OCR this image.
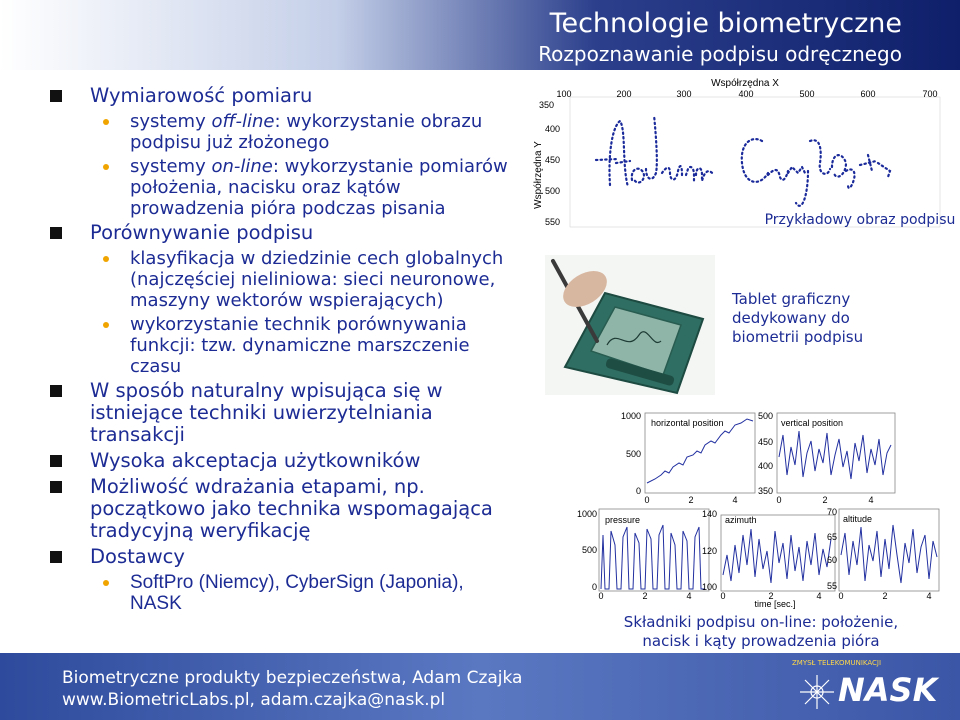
Technologie biometryczne
Rozpoznawanie podpisu odręcznego
Wymiarowość pomiaru
systemy off-line: wykorzystanie obrazu podpisu już złożonego
systemy on-line: wykorzystanie pomiarów położenia, nacisku oraz kątów prowadzenia pióra podczas pisania
Porównywanie podpisu
klasyfikacja w dziedzinie cech globalnych (najczęściej nieliniowa: sieci neuronowe, maszyny wektorów wspierających)
wykorzystanie technik porównywania funkcji: tzw. dynamiczne marszczenie czasu
W sposób naturalny wpisująca się w istniejące techniki uwierzytelniania transakcji
Wysoka akceptacja użytkowników
Możliwość wdrażania etapami, np. początkowo jako technika wspomagająca tradycyjną weryfikację
Dostawcy
SoftPro (Niemcy), CyberSign (Japonia), NASK
Współrzędna X
100	200	300	400	500	600	700
350
400
450
500
550
Współrzędna Y
Przykładowy obraz podpisu
Tablet graficzny
dedykowany do
biometrii podpisu
horizontal position
1000
500
0
0	2	4
vertical position
500
450
400
350
0	2	4
pressure
1000
500
0
0	2	4
azimuth
140
120
100
0	2	4
time [sec.]
altitude
70
65
60
55
0	2	4
Składniki podpisu on-line: położenie,
nacisk i kąty prowadzenia pióra
Biometryczne produkty bezpieczeństwa, Adam Czajka
www.BiometricLabs.pl, adam.czajka@nask.pl
ZMYSŁ TELEKOMUNIKACJI
NASK
